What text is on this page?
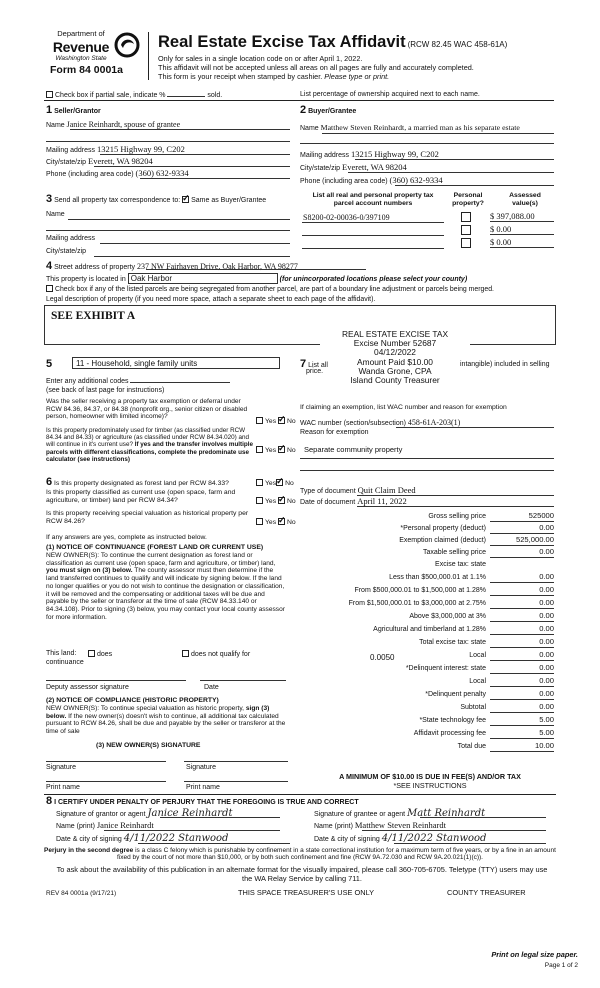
Department of
Revenue
Washington State
Form 84 0001a
Real Estate Excise Tax Affidavit (RCW 82.45 WAC 458-61A)
Only for sales in a single location code on or after April 1, 2022.
This affidavit will not be accepted unless all areas on all pages are fully and accurately completed.
This form is your receipt when stamped by cashier. Please type or print.
Check box if partial sale, indicate %	sold.	List percentage of ownership acquired next to each name.
1 Seller/Grantor
Name Janice Reinhardt, spouse of grantee
Mailing address 13215 Highway 99, C202
City/state/zip Everett, WA 98204
Phone (including area code) (360) 632-9334
2 Buyer/Grantee
Name Matthew Steven Reinhardt, a married man as his separate estate
Mailing address 13215 Highway 99, C202
City/state/zip Everett, WA 98204
Phone (including area code) (360) 632-9334
3 Send all property tax correspondence to: ✓ Same as Buyer/Grantee
Name
Mailing address
City/state/zip
List all real and personal property tax parcel account numbers
Personal property?
Assessed value(s)
S8200-02-00036-0/397109	$ 397,088.00
$ 0.00
$ 0.00
4 Street address of property 237 NW Fairhaven Drive, Oak Harbor, WA 98277
This property is located in Oak Harbor	(for unincorporated locations please select your county)
Check box if any of the listed parcels are being segregated from another parcel, are part of a boundary line adjustment or parcels being merged.
Legal description of property (if you need more space, attach a separate sheet to each page of the affidavit).
SEE EXHIBIT A
REAL ESTATE EXCISE TAX
Excise Number 52687
04/12/2022
Amount Paid $10.00
Wanda Grone, CPA
Island County Treasurer
5	11 - Household, single family units
Enter any additional codes
(see back of last page for instructions)
Was the seller receiving a property tax exemption or deferral under RCW 84.36, 84.37, or 84.38 (nonprofit org., senior citizen or disabled person, homeowner with limited income)?
Yes ✓ No
Is this property predominately used for timber (as classified under RCW 84.34 and 84.33) or agriculture (as classified under RCW 84.34.020) and will continue in it's current use? If yes and the transfer involves multiple parcels with different classifications, complete the predominate use calculator (see instructions)
Yes ✓ No
7 List all
price.
intangible) included in selling
If claiming an exemption, list WAC number and reason for exemption
WAC number (section/subsection) 458-61A-203(1)
Reason for exemption
Separate community property
Type of document Quit Claim Deed
Date of document April 11, 2022
Gross selling price	525000
*Personal property (deduct)	0.00
Exemption claimed (deduct)	525,000.00
Taxable selling price	0.00
Excise tax: state
Less than $500,000.01 at 1.1%	0.00
From $500,000.01 to $1,500,000 at 1.28%	0.00
From $1,500,000.01 to $3,000,000 at 2.75%	0.00
Above $3,000,000 at 3%	0.00
Agricultural and timberland at 1.28%	0.00
Total excise tax: state	0.00
0.0050	Local	0.00
*Delinquent interest: state	0.00
Local	0.00
*Delinquent penalty	0.00
Subtotal	0.00
*State technology fee	5.00
Affidavit processing fee	5.00
Total due	10.00
A MINIMUM OF $10.00 IS DUE IN FEE(S) AND/OR TAX
*SEE INSTRUCTIONS
6 Is this property designated as forest land per RCW 84.33?	Yes ✓ No
Is this property classified as current use (open space, farm and agriculture, or timber) land per RCW 84.34?	Yes ✓ No
Is this property receiving special valuation as historical property per RCW 84.26?	Yes ✓ No
If any answers are yes, complete as instructed below.
(1) NOTICE OF CONTINUANCE (FOREST LAND OR CURRENT USE)
NEW OWNER(S): To continue the current designation as forest land or classification as current use (open space, farm and agriculture, or timber) land, you must sign on (3) below. The county assessor must then determine if the land transferred continues to qualify and will indicate by signing below. If the land no longer qualifies or you do not wish to continue the designation or classification, it will be removed and the compensating or additional taxes will be due and payable by the seller or transferor at the time of sale (RCW 84.33.140 or 84.34.108). Prior to signing (3) below, you may contact your local county assessor for more information.
This land:	does	does not qualify for
continuance
Deputy assessor signature	Date
(2) NOTICE OF COMPLIANCE (HISTORIC PROPERTY)
NEW OWNER(S): To continue special valuation as historic property, sign (3) below. If the new owner(s) doesn't wish to continue, all additional tax calculated pursuant to RCW 84.26, shall be due and payable by the seller or transferor at the time of sale
(3) NEW OWNER(S) SIGNATURE
Signature	Signature
Print name	Print name
8 I CERTIFY UNDER PENALTY OF PERJURY THAT THE FOREGOING IS TRUE AND CORRECT
Signature of grantor or agent Janice Reinhardt
Name (print) Janice Reinhardt
Date & city of signing 4/11/2022 Stanwood
Signature of grantee or agent Matt Reinhardt
Name (print) Matthew Steven Reinhardt
Date & city of signing 4/11/2022 Stanwood
Perjury in the second degree is a class C felony which is punishable by confinement in a state correctional institution for a maximum term of five years, or by a fine in an amount fixed by the court of not more than $10,000, or by both such confinement and fine (RCW 9A.72.030 and RCW 9A.20.021(1)(c)).
To ask about the availability of this publication in an alternate format for the visually impaired, please call 360-705-6705. Teletype (TTY) users may use the WA Relay Service by calling 711.
REV 84 0001a (9/17/21)	THIS SPACE TREASURER'S USE ONLY	COUNTY TREASURER
Print on legal size paper.
Page 1 of 2
